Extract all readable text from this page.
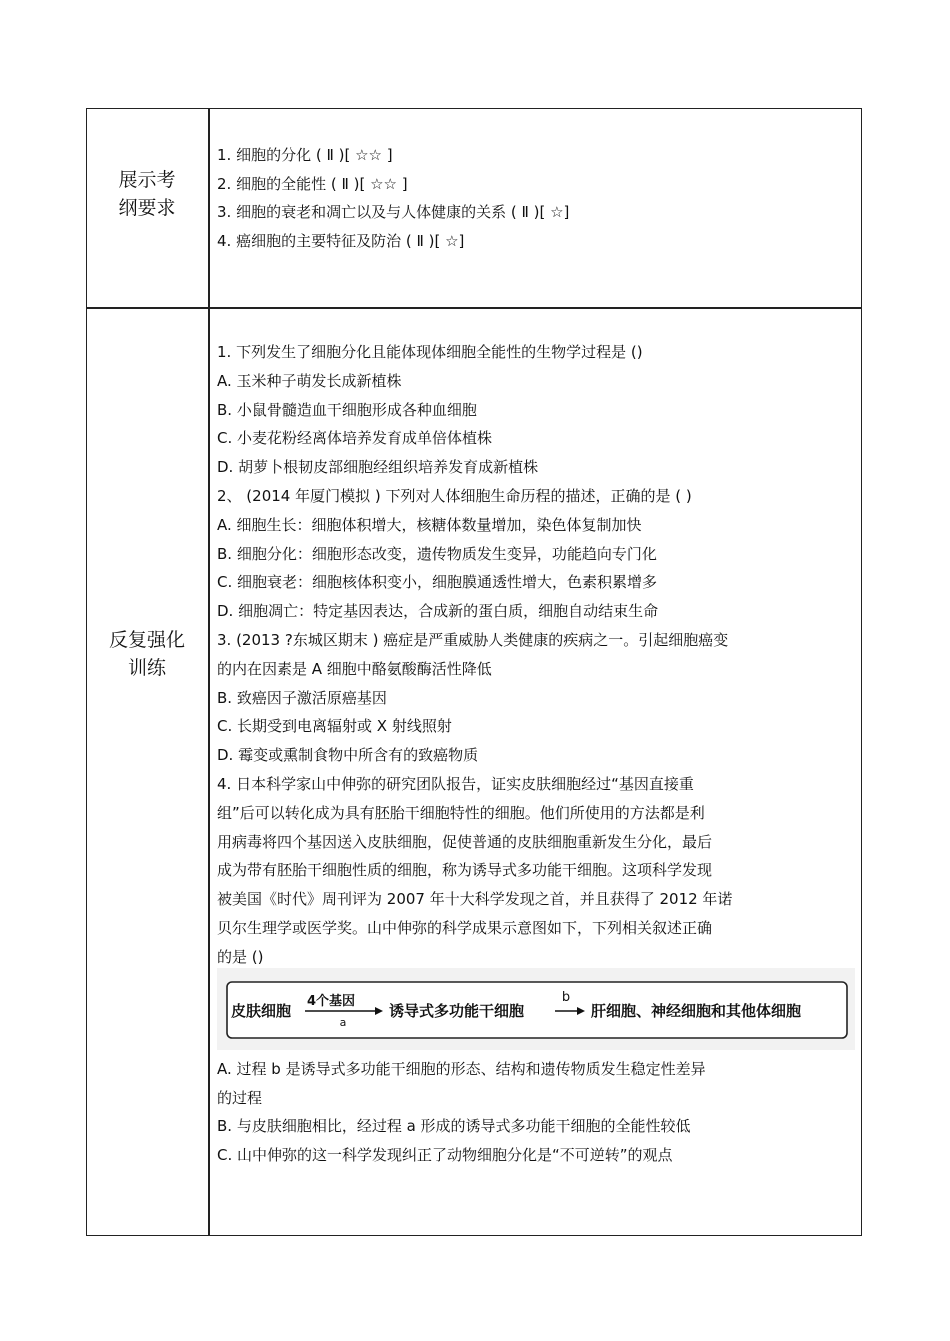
展示考
纲要求
1. 细胞的分化 ( Ⅱ )[ ☆☆ ]
2. 细胞的全能性 ( Ⅱ )[ ☆☆ ]
3. 细胞的衰老和凋亡以及与人体健康的关系 ( Ⅱ )[ ☆]
4. 癌细胞的主要特征及防治 ( Ⅱ )[ ☆]
反复强化
训练
1. 下列发生了细胞分化且能体现体细胞全能性的生物学过程是 ()
A. 玉米种子萌发长成新植株
B. 小鼠骨髓造血干细胞形成各种血细胞
C. 小麦花粉经离体培养发育成单倍体植株
D. 胡萝卜根韧皮部细胞经组织培养发育成新植株
2、 (2014 年厦门模拟 ) 下列对人体细胞生命历程的描述，正确的是 ( )
A. 细胞生长：细胞体积增大，核糖体数量增加，染色体复制加快
B. 细胞分化：细胞形态改变，遗传物质发生变异，功能趋向专门化
C. 细胞衰老：细胞核体积变小，细胞膜通透性增大，色素积累增多
D. 细胞凋亡：特定基因表达，合成新的蛋白质，细胞自动结束生命
3. (2013 ?东城区期末 ) 癌症是严重威胁人类健康的疾病之一。引起细胞癌变
的内在因素是 A 细胞中酪氨酸酶活性降低
B. 致癌因子激活原癌基因
C. 长期受到电离辐射或 X 射线照射
D. 霉变或熏制食物中所含有的致癌物质
4. 日本科学家山中伸弥的研究团队报告，证实皮肤细胞经过“基因直接重
组”后可以转化成为具有胚胎干细胞特性的细胞。他们所使用的方法都是利
用病毒将四个基因送入皮肤细胞，促使普通的皮肤细胞重新发生分化，最后
成为带有胚胎干细胞性质的细胞，称为诱导式多功能干细胞。这项科学发现
被美国《时代》周刊评为 2007 年十大科学发现之首，并且获得了 2012 年诺
贝尔生理学或医学奖。山中伸弥的科学成果示意图如下，下列相关叙述正确
的是 ()
皮肤细胞
4个基因
a
诱导式多功能干细胞
b
肝细胞、神经细胞和其他体细胞
A. 过程 b 是诱导式多功能干细胞的形态、结构和遗传物质发生稳定性差异
的过程
B. 与皮肤细胞相比，经过程 a 形成的诱导式多功能干细胞的全能性较低
C. 山中伸弥的这一科学发现纠正了动物细胞分化是“不可逆转”的观点
